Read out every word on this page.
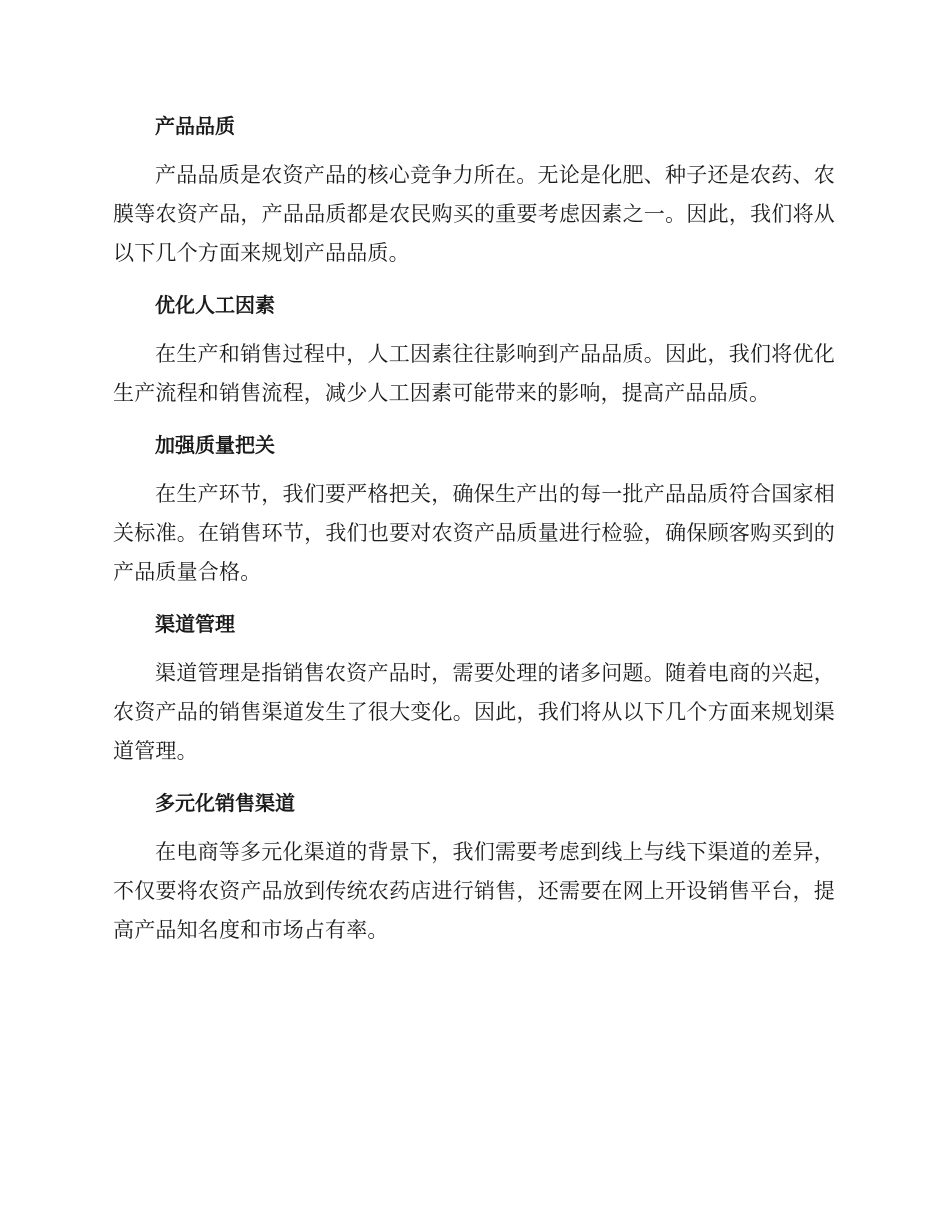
产品品质

产品品质是农资产品的核心竞争力所在。无论是化肥、种子还是农药、农膜等农资产品，产品品质都是农民购买的重要考虑因素之一。因此，我们将从以下几个方面来规划产品品质。

优化人工因素

在生产和销售过程中，人工因素往往影响到产品品质。因此，我们将优化生产流程和销售流程，减少人工因素可能带来的影响，提高产品品质。

加强质量把关

在生产环节，我们要严格把关，确保生产出的每一批产品品质符合国家相关标准。在销售环节，我们也要对农资产品质量进行检验，确保顾客购买到的产品质量合格。

渠道管理

渠道管理是指销售农资产品时，需要处理的诸多问题。随着电商的兴起，农资产品的销售渠道发生了很大变化。因此，我们将从以下几个方面来规划渠道管理。

多元化销售渠道

在电商等多元化渠道的背景下，我们需要考虑到线上与线下渠道的差异，不仅要将农资产品放到传统农药店进行销售，还需要在网上开设销售平台，提高产品知名度和市场占有率。
